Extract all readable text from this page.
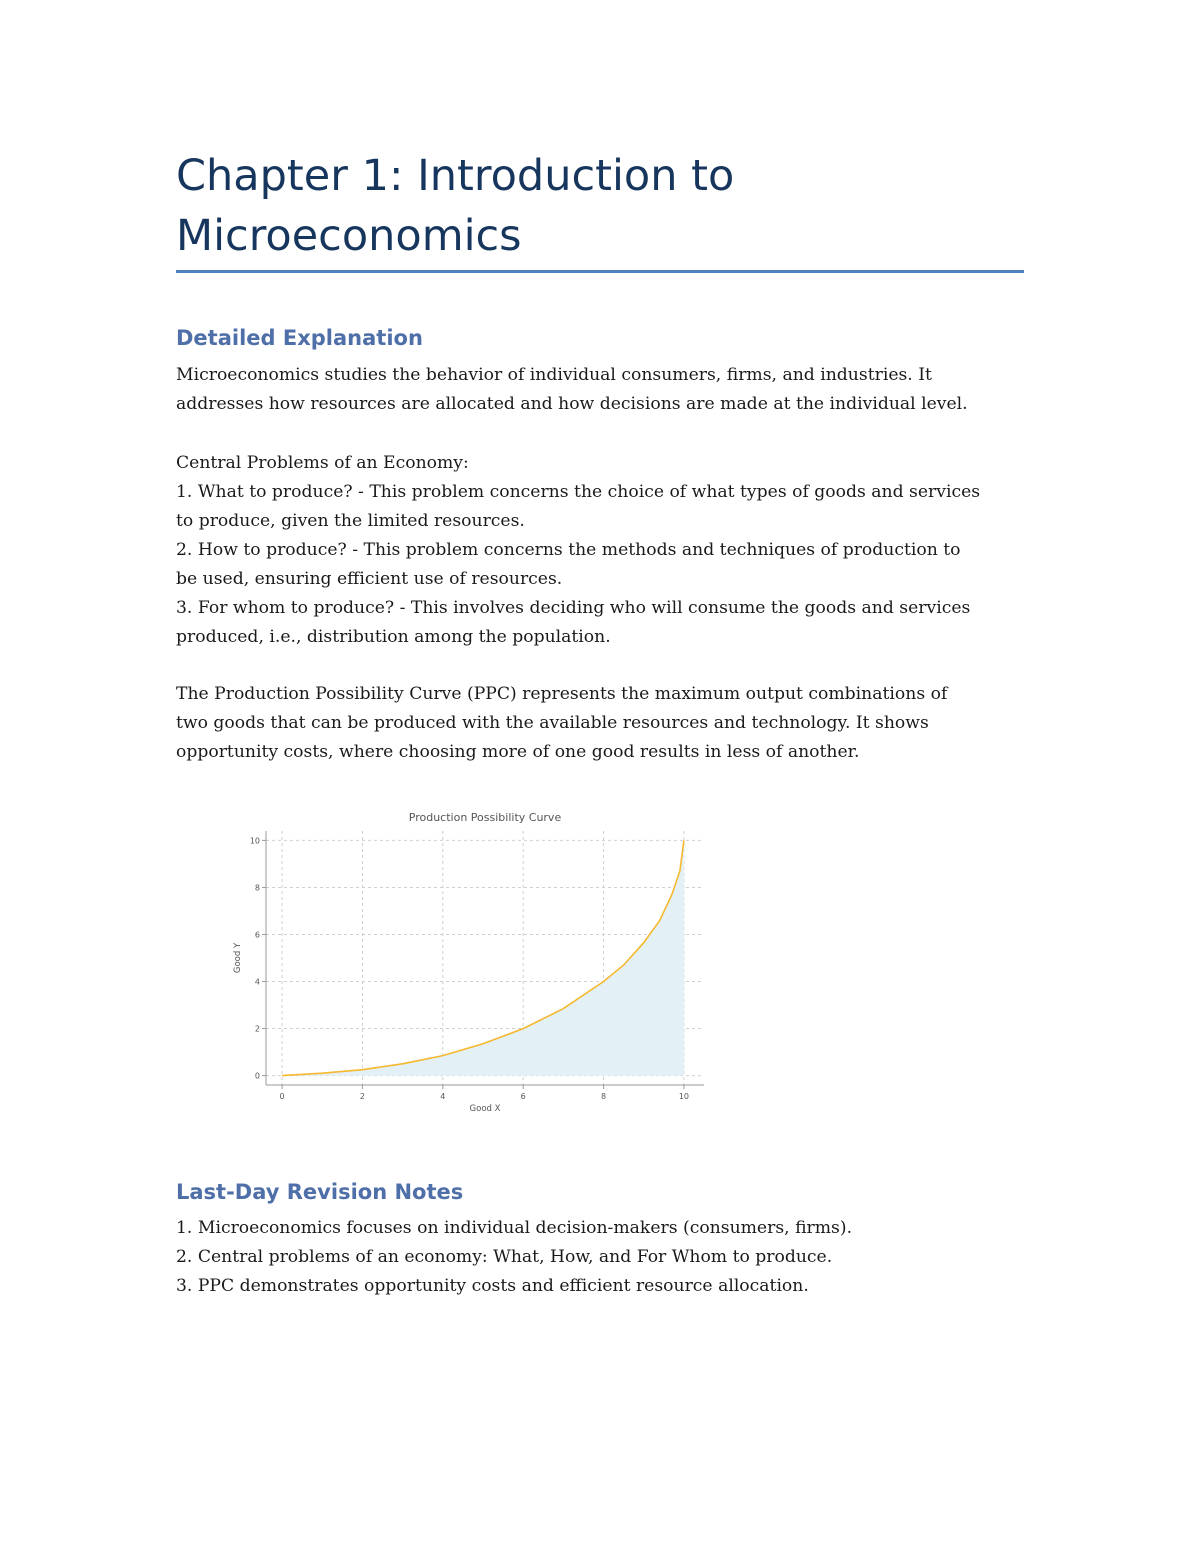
Chapter 1: Introduction to
Microeconomics
Detailed Explanation

Microeconomics studies the behavior of individual consumers, firms, and industries. It
addresses how resources are allocated and how decisions are made at the individual level.

Central Problems of an Economy:
1. What to produce? - This problem concerns the choice of what types of goods and services
to produce, given the limited resources.
2. How to produce? - This problem concerns the methods and techniques of production to
be used, ensuring efficient use of resources.
3. For whom to produce? - This involves deciding who will consume the goods and services
produced, i.e., distribution among the population.

The Production Possibility Curve (PPC) represents the maximum output combinations of
two goods that can be produced with the available resources and technology. It shows
opportunity costs, where choosing more of one good results in less of another.

0	2	4	6	8	10
0
2
4
6
8
10
Production Possibility Curve
Good X
Good Y
Last-Day Revision Notes

1. Microeconomics focuses on individual decision-makers (consumers, firms).
2. Central problems of an economy: What, How, and For Whom to produce.
3. PPC demonstrates opportunity costs and efficient resource allocation.
